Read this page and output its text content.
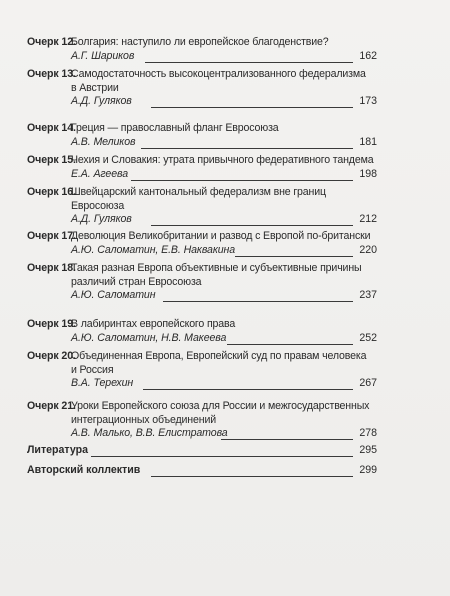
Очерк 12.
Болгария: наступило ли европейское благоденствие?
А.Г. Шариков	162
Очерк 13.
Самодостаточность высокоцентрализованного федерализма
в Австрии
А.Д. Гуляков	173
Очерк 14.
Греция — православный фланг Евросоюза
А.В. Меликов	181
Очерк 15.
Чехия и Словакия: утрата привычного федеративного тандема
Е.А. Агеева	198
Очерк 16.
Швейцарский кантональный федерализм вне границ
Евросоюза
А.Д. Гуляков	212
Очерк 17.
Деволюция Великобритании и развод с Европой по-британски
А.Ю. Саломатин, Е.В. Наквакина	220
Очерк 18.
Такая разная Европа объективные и субъективные причины
различий стран Евросоюза
А.Ю. Саломатин	237
Очерк 19.
В лабиринтах европейского права
А.Ю. Саломатин, Н.В. Макеева	252
Очерк 20.
Объединенная Европа, Европейский суд по правам человека
и Россия
В.А. Терехин	267
Очерк 21.
Уроки Европейского союза для России и межгосударственных
интеграционных объединений
А.В. Малько, В.В. Елистратова	278
Литература	295
Авторский коллектив	299
